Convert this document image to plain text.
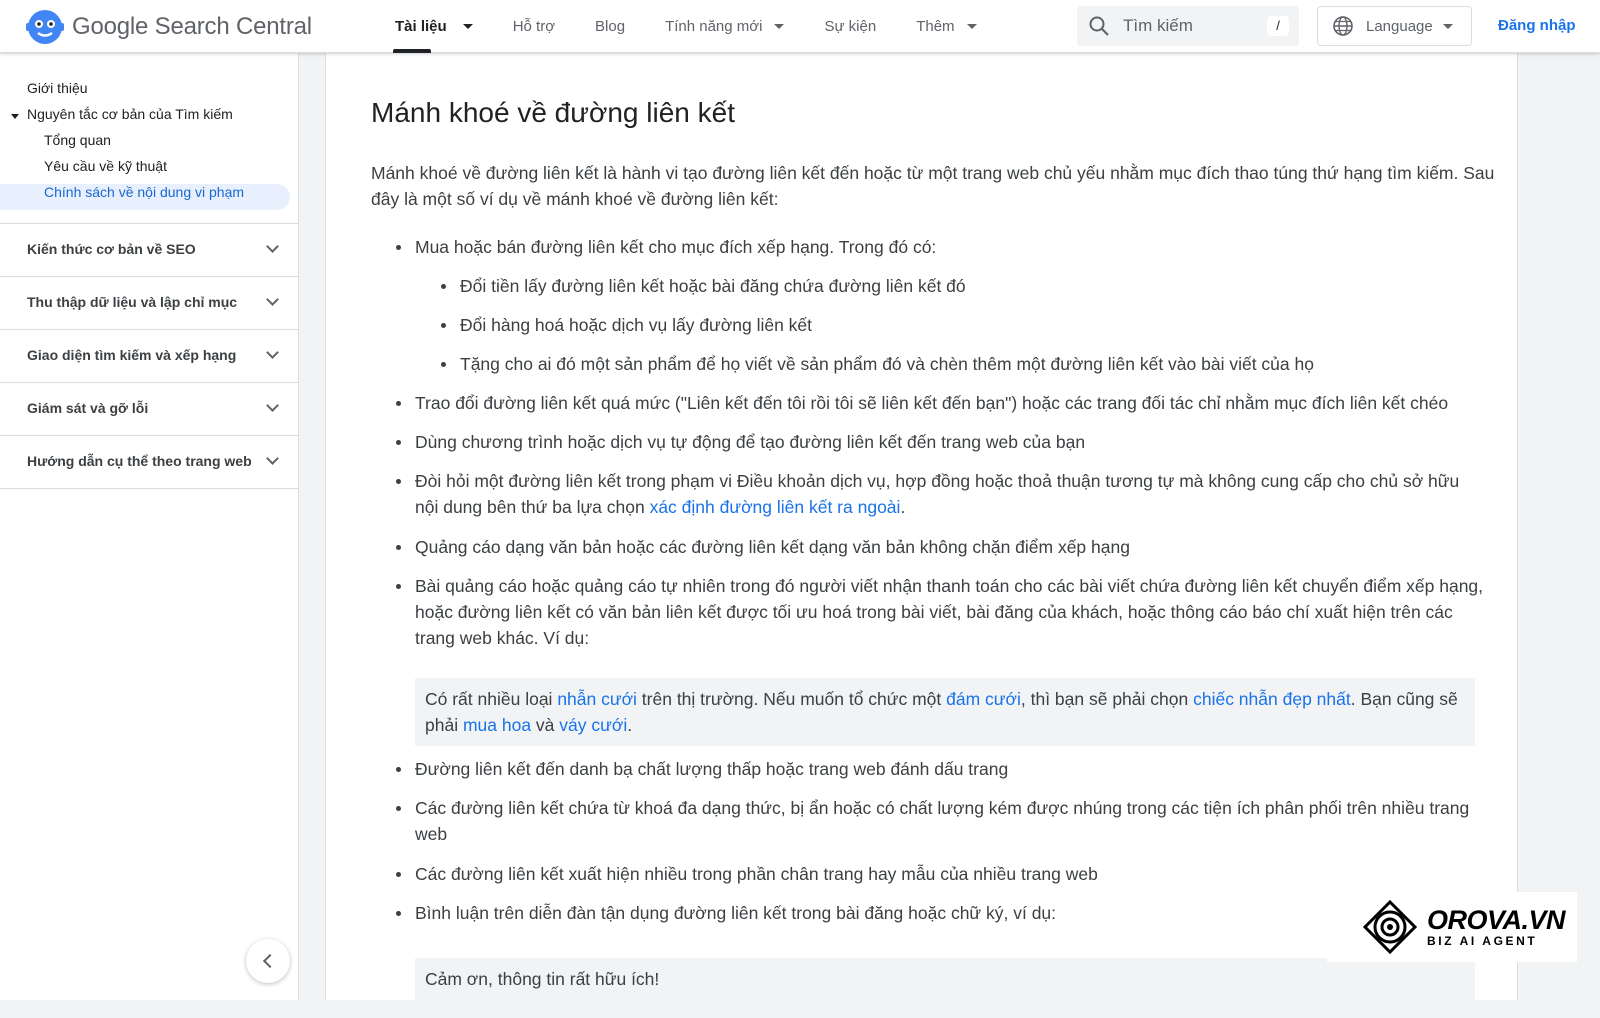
Google Search Central	Tài liệu	Hỗ trợ	Blog	Tính năng mới	Sự kiện	Thêm	Tìm kiếm	/	Language	Đăng nhập
Giới thiệu
Nguyên tắc cơ bản của Tìm kiếm
Tổng quan
Yêu cầu về kỹ thuật
Chính sách về nội dung vi phạm
Kiến thức cơ bản về SEO
Thu thập dữ liệu và lập chỉ mục
Giao diện tìm kiếm và xếp hạng
Giám sát và gỡ lỗi
Hướng dẫn cụ thể theo trang web
Mánh khoé về đường liên kết

Mánh khoé về đường liên kết là hành vi tạo đường liên kết đến hoặc từ một trang web chủ yếu nhằm mục đích thao túng thứ hạng tìm kiếm. Sau đây là một số ví dụ về mánh khoé về đường liên kết:

Mua hoặc bán đường liên kết cho mục đích xếp hạng. Trong đó có:
Đổi tiền lấy đường liên kết hoặc bài đăng chứa đường liên kết đó
Đổi hàng hoá hoặc dịch vụ lấy đường liên kết
Tặng cho ai đó một sản phẩm để họ viết về sản phẩm đó và chèn thêm một đường liên kết vào bài viết của họ
Trao đổi đường liên kết quá mức ("Liên kết đến tôi rồi tôi sẽ liên kết đến bạn") hoặc các trang đối tác chỉ nhằm mục đích liên kết chéo
Dùng chương trình hoặc dịch vụ tự động để tạo đường liên kết đến trang web của bạn
Đòi hỏi một đường liên kết trong phạm vi Điều khoản dịch vụ, hợp đồng hoặc thoả thuận tương tự mà không cung cấp cho chủ sở hữu nội dung bên thứ ba lựa chọn xác định đường liên kết ra ngoài.
Quảng cáo dạng văn bản hoặc các đường liên kết dạng văn bản không chặn điểm xếp hạng
Bài quảng cáo hoặc quảng cáo tự nhiên trong đó người viết nhận thanh toán cho các bài viết chứa đường liên kết chuyển điểm xếp hạng, hoặc đường liên kết có văn bản liên kết được tối ưu hoá trong bài viết, bài đăng của khách, hoặc thông cáo báo chí xuất hiện trên các trang web khác. Ví dụ:
Có rất nhiều loại nhẫn cưới trên thị trường. Nếu muốn tổ chức một đám cưới, thì bạn sẽ phải chọn chiếc nhẫn đẹp nhất. Bạn cũng sẽ phải mua hoa và váy cưới.
Đường liên kết đến danh bạ chất lượng thấp hoặc trang web đánh dấu trang
Các đường liên kết chứa từ khoá đa dạng thức, bị ẩn hoặc có chất lượng kém được nhúng trong các tiện ích phân phối trên nhiều trang web
Các đường liên kết xuất hiện nhiều trong phần chân trang hay mẫu của nhiều trang web
Bình luận trên diễn đàn tận dụng đường liên kết trong bài đăng hoặc chữ ký, ví dụ:
Cảm ơn, thông tin rất hữu ích!
OROVA.VN
BIZ AI AGENT
